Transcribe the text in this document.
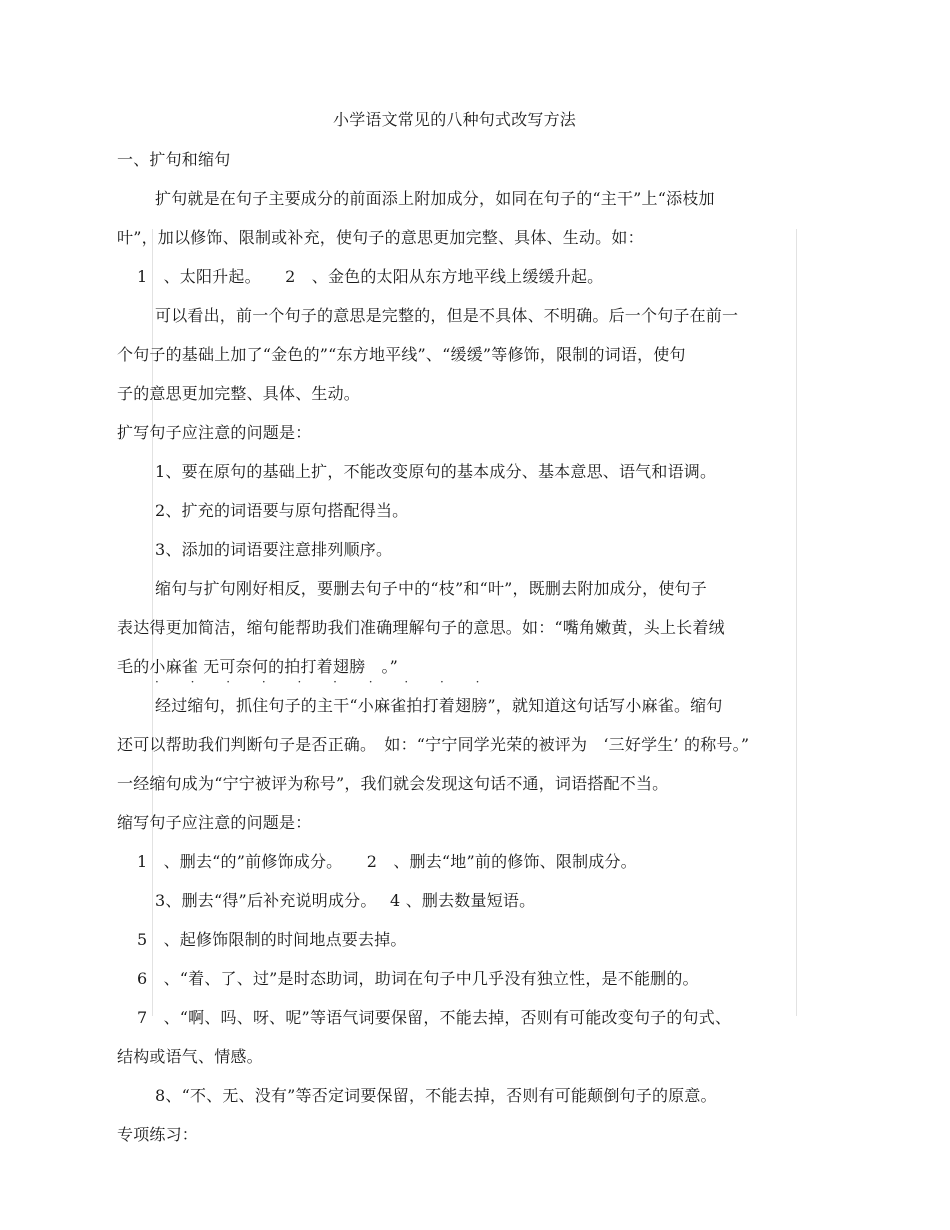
小学语文常见的八种句式改写方法
一、扩句和缩句
扩句就是在句子主要成分的前面添上附加成分，如同在句子的“主干”上“添枝加
叶”，加以修饰、限制或补充，使句子的意思更加完整、具体、生动。如：
1　、太阳升起。　　2　、金色的太阳从东方地平线上缓缓升起。
可以看出，前一个句子的意思是完整的，但是不具体、不明确。后一个句子在前一
个句子的基础上加了“金色的”“东方地平线”、“缓缓”等修饰，限制的词语，使句
子的意思更加完整、具体、生动。
扩写句子应注意的问题是：
1、要在原句的基础上扩，不能改变原句的基本成分、基本意思、语气和语调。
2、扩充的词语要与原句搭配得当。
3、添加的词语要注意排列顺序。
缩句与扩句刚好相反，要删去句子中的“枝”和“叶”，既删去附加成分，使句子
表达得更加简洁，缩句能帮助我们准确理解句子的意思。如：“嘴角嫩黄，头上长着绒
毛的小麻雀 无可奈何的拍打着翅膀　。”
· · · · · · · · · ·
经过缩句，抓住句子的主干“小麻雀拍打着翅膀”，就知道这句话写小麻雀。缩句
还可以帮助我们判断句子是否正确。　如：“宁宁同学光荣的被评为　‘三好学生’ 的称号。”
一经缩句成为“宁宁被评为称号”，我们就会发现这句话不通，词语搭配不当。
缩写句子应注意的问题是：
1　、删去“的”前修饰成分。　　2　、删去“地”前的修饰、限制成分。
3、删去“得”后补充说明成分。　 4 、删去数量短语。
5　、起修饰限制的时间地点要去掉。
6　、“着、了、过”是时态助词，助词在句子中几乎没有独立性，是不能删的。
7　、“啊、吗、呀、呢”等语气词要保留，不能去掉，否则有可能改变句子的句式、
结构或语气、情感。
8、“不、无、没有”等否定词要保留，不能去掉，否则有可能颠倒句子的原意。
专项练习：
